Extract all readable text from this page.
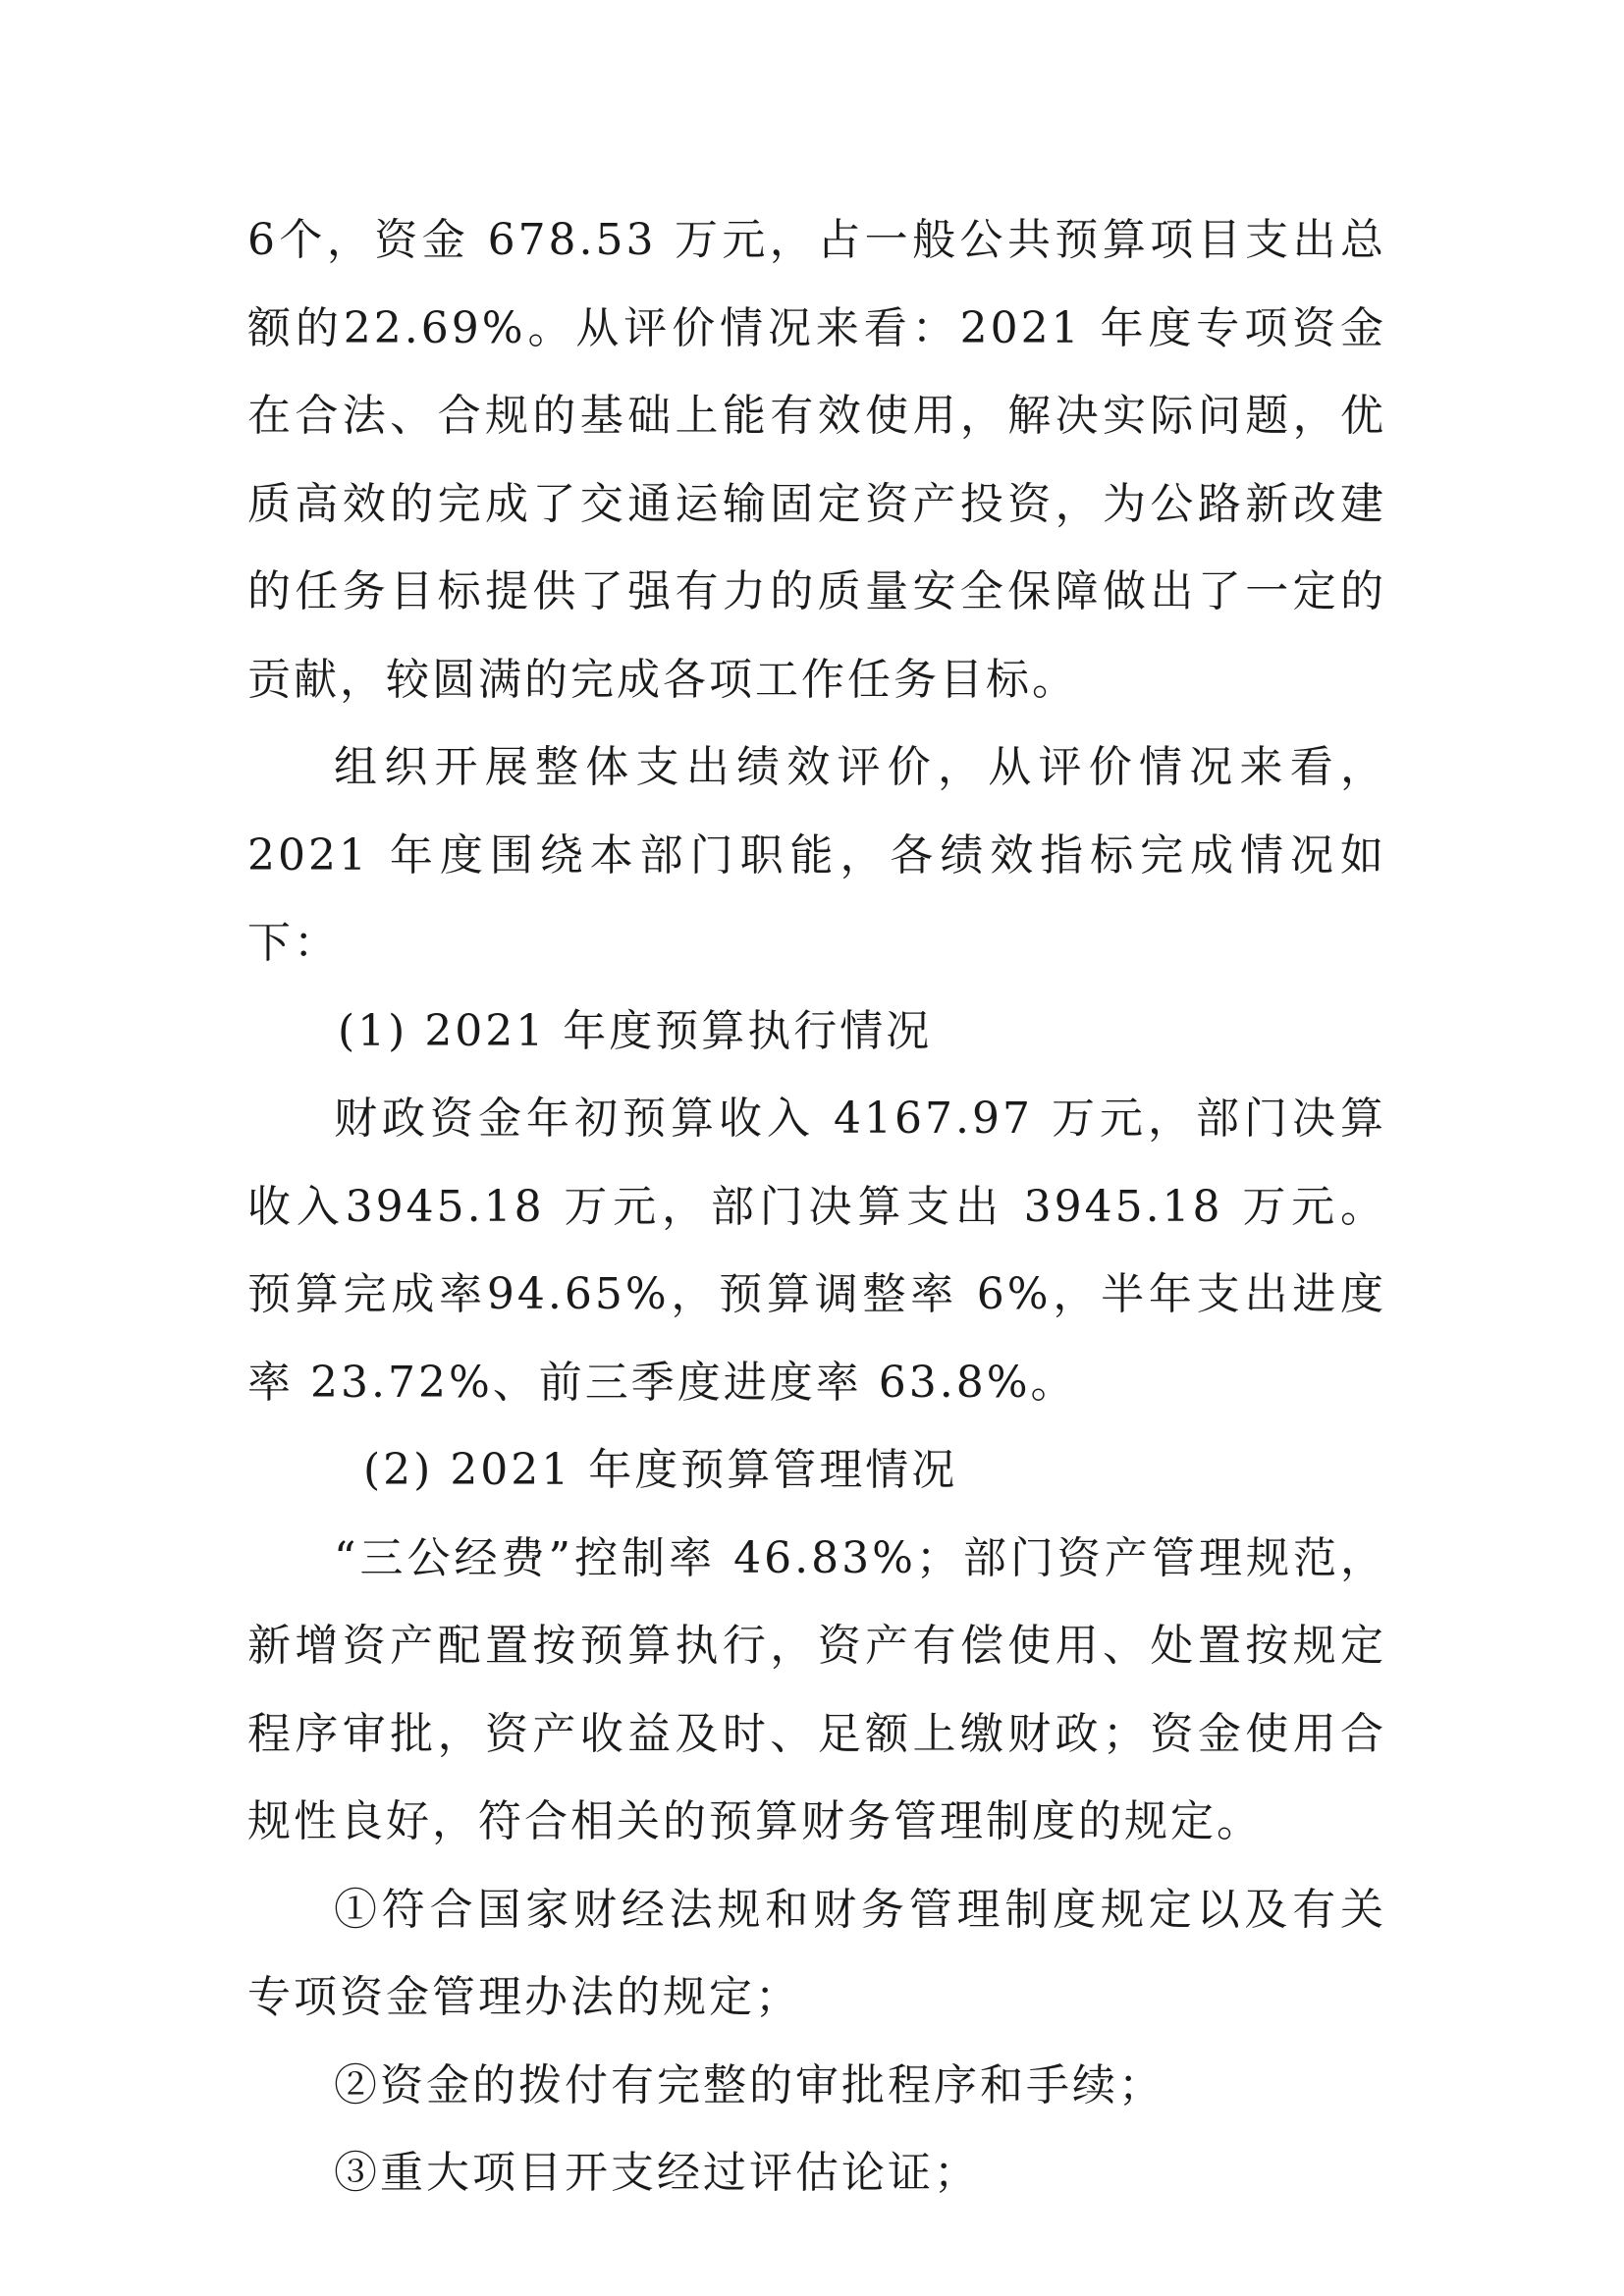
6个，资金 678.53 万元，占一般公共预算项目支出总额的22.69%。从评价情况来看：2021 年度专项资金在合法、合规的基础上能有效使用，解决实际问题，优质高效的完成了交通运输固定资产投资，为公路新改建的任务目标提供了强有力的质量安全保障做出了一定的贡献，较圆满的完成各项工作任务目标。

组织开展整体支出绩效评价，从评价情况来看，2021 年度围绕本部门职能，各绩效指标完成情况如下：

(1) 2021 年度预算执行情况

财政资金年初预算收入 4167.97 万元，部门决算收入3945.18 万元，部门决算支出 3945.18 万元。预算完成率94.65%，预算调整率 6%，半年支出进度率 23.72%、前三季度进度率 63.8%。

(2) 2021 年度预算管理情况

“三公经费”控制率 46.83%；部门资产管理规范，新增资产配置按预算执行，资产有偿使用、处置按规定程序审批，资产收益及时、足额上缴财政；资金使用合规性良好，符合相关的预算财务管理制度的规定。

①符合国家财经法规和财务管理制度规定以及有关专项资金管理办法的规定；

②资金的拨付有完整的审批程序和手续；

③重大项目开支经过评估论证；
